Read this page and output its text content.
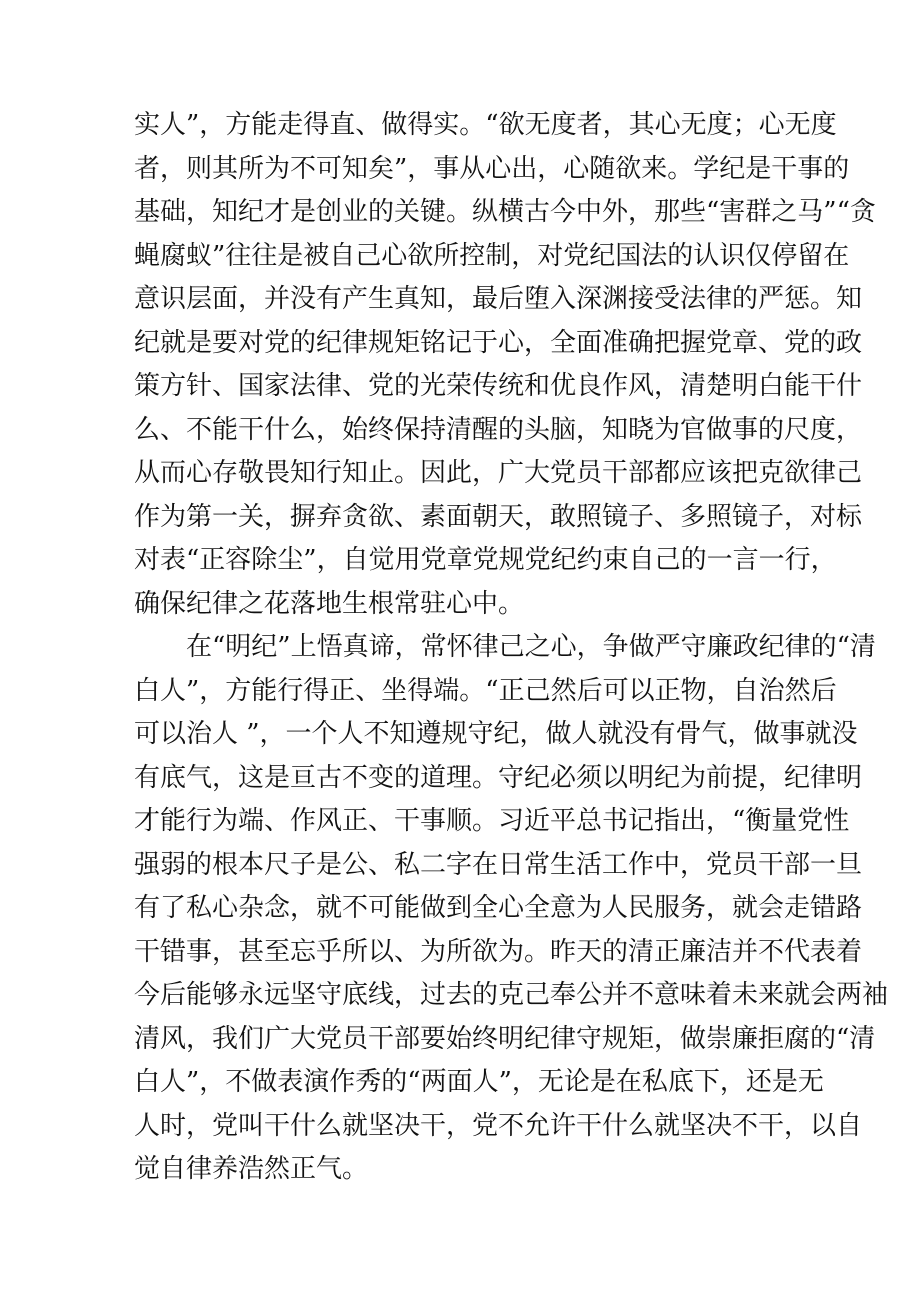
实人”，方能走得直、做得实。“欲无度者，其心无度；心无度
者，则其所为不可知矣”，事从心出，心随欲来。学纪是干事的
基础，知纪才是创业的关键。纵横古今中外，那些“害群之马”“贪
蝇腐蚁”往往是被自己心欲所控制，对党纪国法的认识仅停留在
意识层面，并没有产生真知，最后堕入深渊接受法律的严惩。知
纪就是要对党的纪律规矩铭记于心，全面准确把握党章、党的政
策方针、国家法律、党的光荣传统和优良作风，清楚明白能干什
么、不能干什么，始终保持清醒的头脑，知晓为官做事的尺度，
从而心存敬畏知行知止。因此，广大党员干部都应该把克欲律己
作为第一关，摒弃贪欲、素面朝天，敢照镜子、多照镜子，对标
对表“正容除尘”，自觉用党章党规党纪约束自己的一言一行，
确保纪律之花落地生根常驻心中。
　　在“明纪”上悟真谛，常怀律己之心，争做严守廉政纪律的“清
白人”，方能行得正、坐得端。“正己然后可以正物，自治然后
可以治人 ”，一个人不知遵规守纪，做人就没有骨气，做事就没
有底气，这是亘古不变的道理。守纪必须以明纪为前提，纪律明
才能行为端、作风正、干事顺。习近平总书记指出，“衡量党性
强弱的根本尺子是公、私二字在日常生活工作中，党员干部一旦
有了私心杂念，就不可能做到全心全意为人民服务，就会走错路
干错事，甚至忘乎所以、为所欲为。昨天的清正廉洁并不代表着
今后能够永远坚守底线，过去的克己奉公并不意味着未来就会两袖
清风，我们广大党员干部要始终明纪律守规矩，做崇廉拒腐的“清
白人”，不做表演作秀的“两面人”，无论是在私底下，还是无
人时，党叫干什么就坚决干，党不允许干什么就坚决不干，以自
觉自律养浩然正气。
